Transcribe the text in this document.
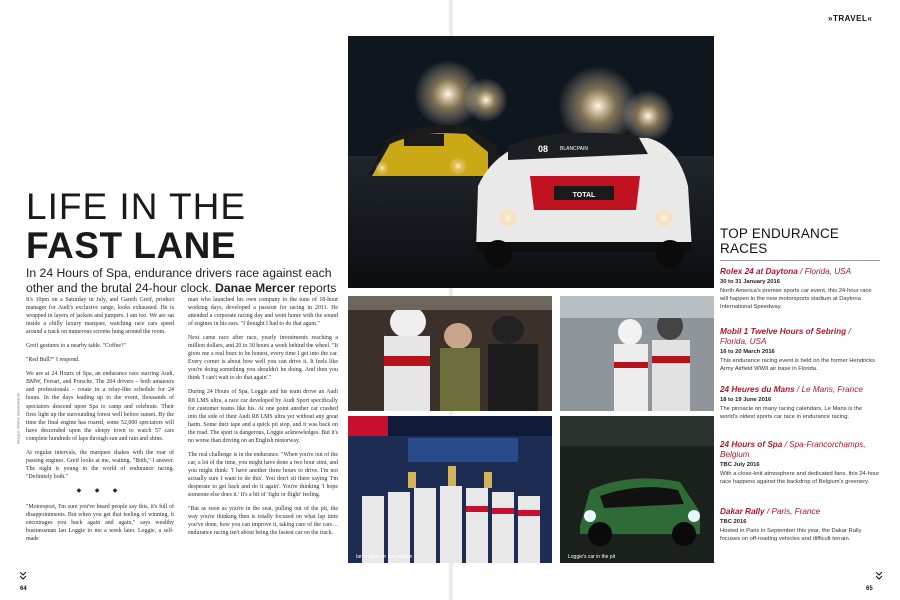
»TRAVEL«
LIFE IN THE
FAST LANE

In 24 Hours of Spa, endurance drivers race against each other and the brutal 24-hour clock. Danae Mercer reports

Images: Shane Sivakumaran

It's 10pm on a Saturday in July, and Gareth Greif, product manager for Audi's exclusive range, looks exhausted. He is wrapped in layers of jackets and jumpers. I am too. We are sat inside a chilly luxury marquee, watching race cars speed around a track on numerous screens hung around the room.

Greif gestures to a nearby table. "Coffee?"

"Red Bull?" I respond.

We are at 24 Hours of Spa, an endurance race starring Audi, BMW, Ferrari, and Porsche. The 204 drivers – both amateurs and professionals – rotate in a relay-like schedule for 24 hours. In the days leading up to the event, thousands of spectators descend upon Spa to camp and celebrate. Their fires light up the surrounding forest well before sunset. By the time the final engine has roared, some 52,000 spectators will have descended upon the sleepy town to watch 57 cars complete hundreds of laps through sun and rain and shine.

At regular intervals, the marquee shakes with the roar of passing engines. Greif looks at me, waiting. "Both," I answer. The night is young in the world of endurance racing. "Definitely both."

◆ ◆ ◆

"Motorsport, I'm sure you've heard people say this, it's full of disappointments. But when you get that feeling of winning, it encourages you back again and again," says wealthy businessman Ian Loggie to me a week later. Loggie, a self-made

man who launched his own company to the tune of 18-hour working days, developed a passion for racing in 2011. He attended a corporate racing day and went home with the sound of engines in his ears. "I thought I had to do that again."

Next came race after race, yearly investments reaching a million dollars, and 20 to 30 hours a week behind the wheel. "It gives me a real buzz to be honest, every time I get into the car. Every corner is about how well you can drive it. It feels like you're doing something you shouldn't be doing. And then you think 'I can't wait to do that again'."

During 24 Hours of Spa, Loggie and his team drove an Audi R8 LMS ultra, a race car developed by Audi Sport specifically for customer teams like his. At one point another car crashed into the side of their Audi R8 LMS ultra yet without any great harm. Some duct tape and a quick pit stop, and it was back on the road. The sport is dangerous, Loggie acknowledges. But it's no worse than driving on an English motorway.

The real challenge is in the endurance. "When you're out of the car, a lot of the time, you might have done a two hour stint, and you might think: 'I have another three hours to drive. I'm not actually sure I want to do this'. You don't sit there saying 'I'm desperate to get back and do it again'. You're thinking 'I hope someone else does it.' It's a bit of 'fight or flight' feeling.

"But as soon as you're in the seat, pulling out of the pit, the way you're thinking then is totally focused on what lap time you've done, how you can improve it, taking care of the cars… endurance racing isn't about being the fastest car on the track.

TOTAL
08 BLANCPAIN
Ian Loggie on the podium	Loggie's car in the pit
TOP ENDURANCE
RACES
Rolex 24 at Daytona / Florida, USA
30 to 31 January 2016
North America's premier sports car event, this 24-hour race will happen in the new motorsports stadium at Daytona International Speedway.
Mobil 1 Twelve Hours of Sebring / Florida, USA
16 to 20 March 2016
This endurance racing event is held on the former Hendricks Army Airfield WWII air base in Florida.
24 Heures du Mans / Le Mans, France
18 to 19 June 2016
The pinnacle on many racing calendars, Le Mans is the world's oldest sports car race in endurance racing.
24 Hours of Spa / Spa-Francorchamps, Belgium
TBC July 2016
With a close-knit atmosphere and dedicated fans, this 24-hour race happens against the backdrop of Belgium's greenery.
Dakar Rally / Paris, France
TBC 2016
Hosted in Paris in September this year, the Dakar Rally focuses on off-roading vehicles and difficult terrain.
64	65
